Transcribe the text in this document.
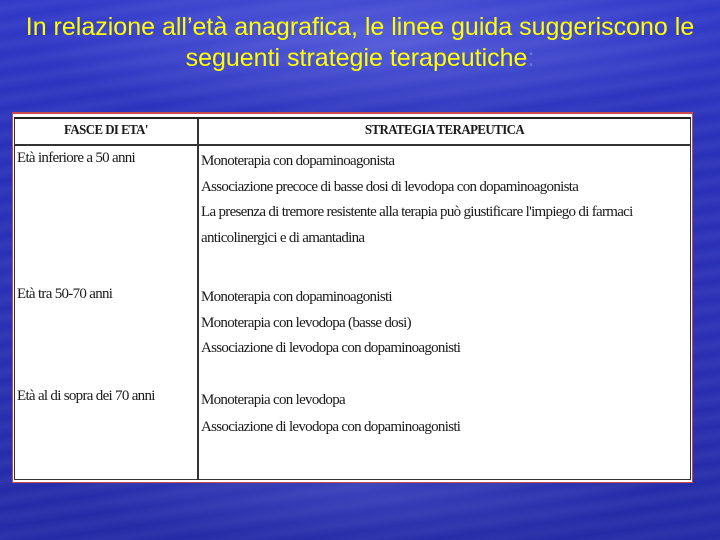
In relazione all’età anagrafica, le linee guida suggeriscono le seguenti strategie terapeutiche:
FASCE DI ETA'	STRATEGIA TERAPEUTICA
Età inferiore a 50 anni	Monoterapia con dopaminoagonista
Associazione precoce di basse dosi di levodopa con dopaminoagonista
La presenza di tremore resistente alla terapia può giustificare l'impiego di farmaci
anticolinergici e di amantadina
Età tra 50-70 anni	Monoterapia con dopaminoagonisti
Monoterapia con levodopa (basse dosi)
Associazione di levodopa con dopaminoagonisti
Età al di sopra dei 70 anni	Monoterapia con levodopa
Associazione di levodopa con dopaminoagonisti
